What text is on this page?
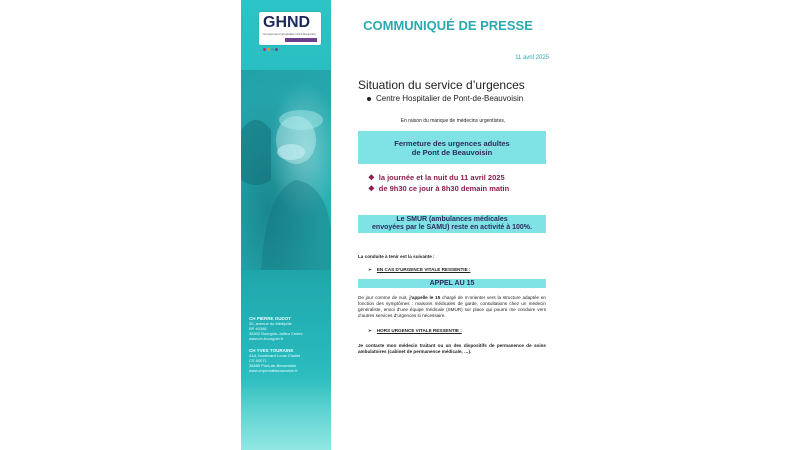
GHND
Groupement Hospitalier Nord-Dauphiné
CH PIERRE OUDOT
30, avenue du Médipôle
BP 40348
38302 Bourgoin-Jallieu Cedex
www.ch-bourgoin.fr
CH YVES TOURAINE
41A, boulevard Louis Chollet
CS 80071
38480 Pont-de-Beauvoisin
www.chpontdebeauvoisin.fr
COMMUNIQUÉ DE PRESSE
11 avril 2025
Situation du service d’urgences
Centre Hospitalier de Pont-de-Beauvoisin
En raison du manque de médecins urgentistes,
Fermeture des urgences adultes
de Pont de Beauvoisin
❖ la journée et la nuit du 11 avril 2025
❖ de 9h30 ce jour à 8h30 demain matin
Le SMUR (ambulances médicales
envoyées par le SAMU) reste en activité à 100%.
La conduite à tenir est la suivante :
➢ EN CAS D’URGENCE VITALE RESSENTIE :
APPEL AU 15
De jour comme de nuit, j’appelle le 15 chargé de m’orienter vers la structure adaptée en fonction des symptômes : maisons médicales de garde, consultations chez un médecin généraliste, envoi d’une équipe médicale (SMUR) sur place qui pourra me conduire vers d’autres services d’urgences si nécessaire.
➢ HORS URGENCE VITALE RESSENTIE :
Je contacte mon médecin traitant ou un des dispositifs de permanence de soins ambulatoires (cabinet de permanence médicale, …).
